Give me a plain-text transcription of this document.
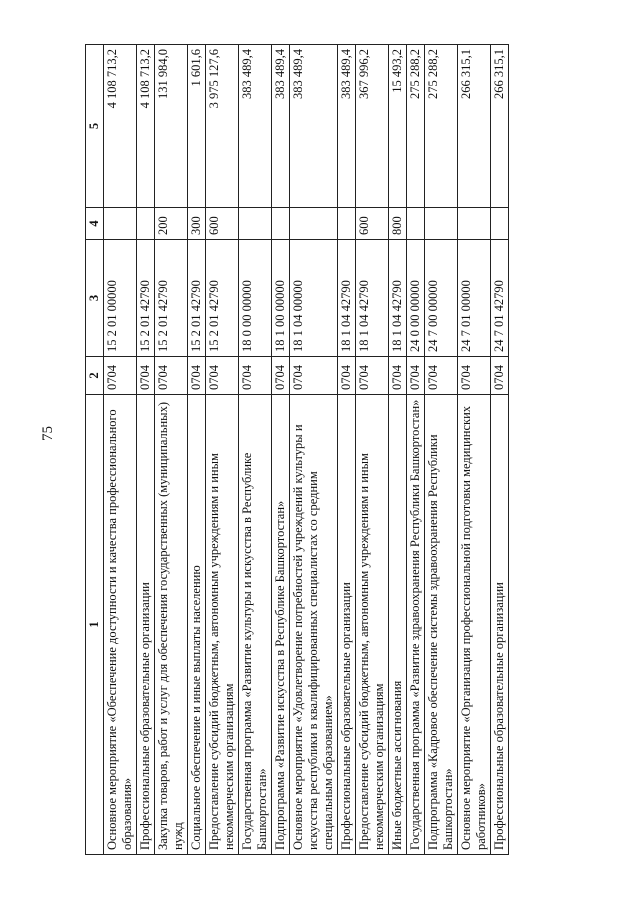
75
1	2	3	4	5
Основное мероприятие «Обеспечение доступности и качества профессионального образования»	0704	15 2 01 00000		4 108 713,2
Профессиональные образовательные организации	0704	15 2 01 42790		4 108 713,2
Закупка товаров, работ и услуг для обеспечения государственных (муниципальных) нужд	0704	15 2 01 42790	200	131 984,0
Социальное обеспечение и иные выплаты населению	0704	15 2 01 42790	300	1 601,6
Предоставление субсидий бюджетным, автономным учреждениям и иным некоммерческим организациям	0704	15 2 01 42790	600	3 975 127,6
Государственная программа «Развитие культуры и искусства в Республике Башкортостан»	0704	18 0 00 00000		383 489,4
Подпрограмма «Развитие искусства в Республике Башкортостан»	0704	18 1 00 00000		383 489,4
Основное мероприятие «Удовлетворение потребностей учреждений культуры и искусства республики в квалифицированных специалистах со средним специальным образованием»	0704	18 1 04 00000		383 489,4
Профессиональные образовательные организации	0704	18 1 04 42790		383 489,4
Предоставление субсидий бюджетным, автономным учреждениям и иным некоммерческим организациям	0704	18 1 04 42790	600	367 996,2
Иные бюджетные ассигнования	0704	18 1 04 42790	800	15 493,2
Государственная программа «Развитие здравоохранения Республики Башкортостан»	0704	24 0 00 00000		275 288,2
Подпрограмма «Кадровое обеспечение системы здравоохранения Республики Башкортостан»	0704	24 7 00 00000		275 288,2
Основное мероприятие «Организация профессиональной подготовки медицинских работников»	0704	24 7 01 00000		266 315,1
Профессиональные образовательные организации	0704	24 7 01 42790		266 315,1
